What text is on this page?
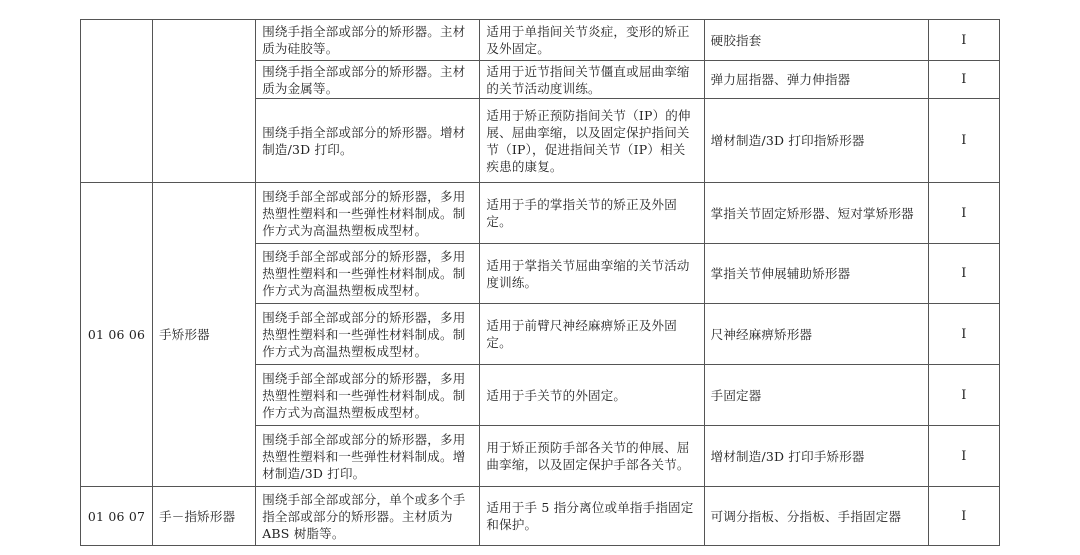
		围绕手指全部或部分的矫形器。主材质为硅胶等。	适用于单指间关节炎症，变形的矫正及外固定。	硬胶指套	I
		围绕手指全部或部分的矫形器。主材质为金属等。	适用于近节指间关节僵直或屈曲挛缩的关节活动度训练。	弹力屈指器、弹力伸指器	I
		围绕手指全部或部分的矫形器。增材制造/3D 打印。	适用于矫正预防指间关节（IP）的伸展、屈曲挛缩，以及固定保护指间关节（IP），促进指间关节（IP）相关疾患的康复。	增材制造/3D 打印指矫形器	I
01 06 06	手矫形器	围绕手部全部或部分的矫形器，多用热塑性塑料和一些弹性材料制成。制作方式为高温热塑板成型材。	适用于手的掌指关节的矫正及外固定。	掌指关节固定矫形器、短对掌矫形器	I
		围绕手部全部或部分的矫形器，多用热塑性塑料和一些弹性材料制成。制作方式为高温热塑板成型材。	适用于掌指关节屈曲挛缩的关节活动度训练。	掌指关节伸展辅助矫形器	I
		围绕手部全部或部分的矫形器，多用热塑性塑料和一些弹性材料制成。制作方式为高温热塑板成型材。	适用于前臂尺神经麻痹矫正及外固定。	尺神经麻痹矫形器	I
		围绕手部全部或部分的矫形器，多用热塑性塑料和一些弹性材料制成。制作方式为高温热塑板成型材。	适用于手关节的外固定。	手固定器	I
		围绕手部全部或部分的矫形器，多用热塑性塑料和一些弹性材料制成。增材制造/3D 打印。	用于矫正预防手部各关节的伸展、屈曲挛缩，以及固定保护手部各关节。	增材制造/3D 打印手矫形器	I
01 06 07	手－指矫形器	围绕手部全部或部分，单个或多个手指全部或部分的矫形器。主材质为 ABS 树脂等。	适用于手 5 指分离位或单指手指固定和保护。	可调分指板、分指板、手指固定器	I
